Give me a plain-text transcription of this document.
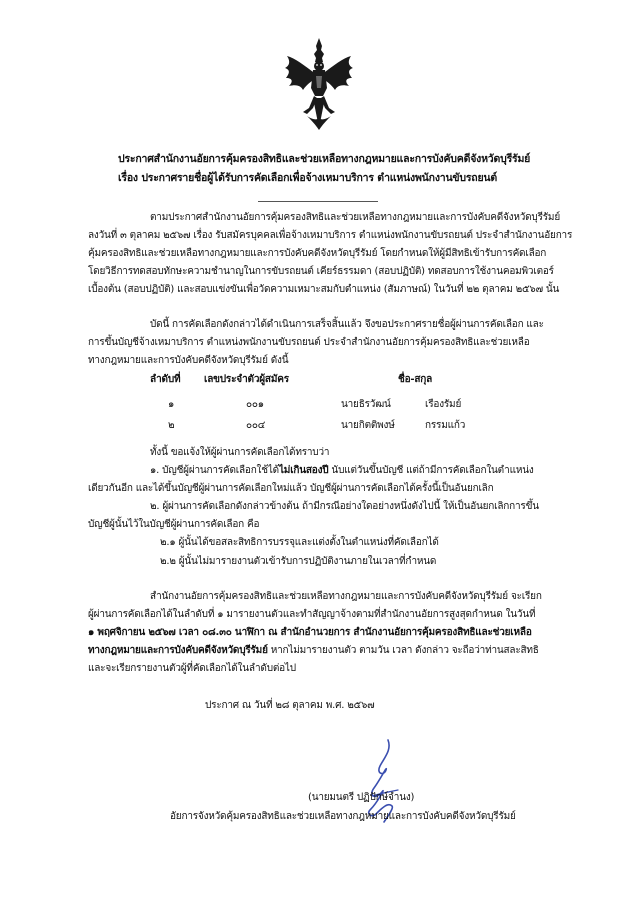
ประกาศสำนักงานอัยการคุ้มครองสิทธิและช่วยเหลือทางกฎหมายและการบังคับคดีจังหวัดบุรีรัมย์
เรื่อง ประกาศรายชื่อผู้ได้รับการคัดเลือกเพื่อจ้างเหมาบริการ ตำแหน่งพนักงานขับรถยนต์
ตามประกาศสำนักงานอัยการคุ้มครองสิทธิและช่วยเหลือทางกฎหมายและการบังคับคดีจังหวัดบุรีรัมย์
ลงวันที่ ๓ ตุลาคม ๒๕๖๗ เรื่อง รับสมัครบุคคลเพื่อจ้างเหมาบริการ ตำแหน่งพนักงานขับรถยนต์ ประจำสำนักงานอัยการ
คุ้มครองสิทธิและช่วยเหลือทางกฎหมายและการบังคับคดีจังหวัดบุรีรัมย์ โดยกำหนดให้ผู้มีสิทธิเข้ารับการคัดเลือก
โดยวิธีการทดสอบทักษะความชำนาญในการขับรถยนต์ เคียร์ธรรมดา (สอบปฏิบัติ) ทดสอบการใช้งานคอมพิวเตอร์
เบื้องต้น (สอบปฏิบัติ) และสอบแข่งขันเพื่อวัดความเหมาะสมกับตำแหน่ง (สัมภาษณ์) ในวันที่ ๒๒ ตุลาคม ๒๕๖๗ นั้น
บัดนี้ การคัดเลือกดังกล่าวได้ดำเนินการเสร็จสิ้นแล้ว จึงขอประกาศรายชื่อผู้ผ่านการคัดเลือก และ
การขึ้นบัญชีจ้างเหมาบริการ ตำแหน่งพนักงานขับรถยนต์ ประจำสำนักงานอัยการคุ้มครองสิทธิและช่วยเหลือ
ทางกฎหมายและการบังคับคดีจังหวัดบุรีรัมย์ ดังนี้
ลำดับที่ เลขประจำตัวผู้สมัคร	ชื่อ-สกุล
๑	๐๐๑	นายธิรวัฒน์	เรืองรัมย์
๒	๐๐๔	นายกิตติพงษ์	กรรมแก้ว
ทั้งนี้ ขอแจ้งให้ผู้ผ่านการคัดเลือกได้ทราบว่า
๑. บัญชีผู้ผ่านการคัดเลือกใช้ได้ไม่เกินสองปี นับแต่วันขึ้นบัญชี แต่ถ้ามีการคัดเลือกในตำแหน่ง
เดียวกันอีก และได้ขึ้นบัญชีผู้ผ่านการคัดเลือกใหม่แล้ว บัญชีผู้ผ่านการคัดเลือกได้ครั้งนี้เป็นอันยกเลิก
๒. ผู้ผ่านการคัดเลือกดังกล่าวข้างต้น ถ้ามีกรณีอย่างใดอย่างหนึ่งดังไปนี้ ให้เป็นอันยกเลิกการขึ้น
บัญชีผู้นั้นไว้ในบัญชีผู้ผ่านการคัดเลือก คือ
๒.๑ ผู้นั้นได้ขอสละสิทธิการบรรจุและแต่งตั้งในตำแหน่งที่คัดเลือกได้
๒.๒ ผู้นั้นไม่มารายงานตัวเข้ารับการปฏิบัติงานภายในเวลาที่กำหนด
สำนักงานอัยการคุ้มครองสิทธิและช่วยเหลือทางกฎหมายและการบังคับคดีจังหวัดบุรีรัมย์ จะเรียก
ผู้ผ่านการคัดเลือกได้ในลำดับที่ ๑ มารายงานตัวและทำสัญญาจ้างตามที่สำนักงานอัยการสูงสุดกำหนด ในวันที่
๑ พฤศจิกายน ๒๕๖๗ เวลา ๐๘.๓๐ นาฬิกา ณ สำนักอำนวยการ สำนักงานอัยการคุ้มครองสิทธิและช่วยเหลือ
ทางกฎหมายและการบังคับคดีจังหวัดบุรีรัมย์ หากไม่มารายงานตัว ตามวัน เวลา ดังกล่าว จะถือว่าท่านสละสิทธิ
และจะเรียกรายงานตัวผู้ที่คัดเลือกได้ในลำดับต่อไป
ประกาศ ณ วันที่ ๒๘ ตุลาคม พ.ศ. ๒๕๖๗
(นายมนตรี ปฏิปักษ์จำนง)
อัยการจังหวัดคุ้มครองสิทธิและช่วยเหลือทางกฎหมายและการบังคับคดีจังหวัดบุรีรัมย์
